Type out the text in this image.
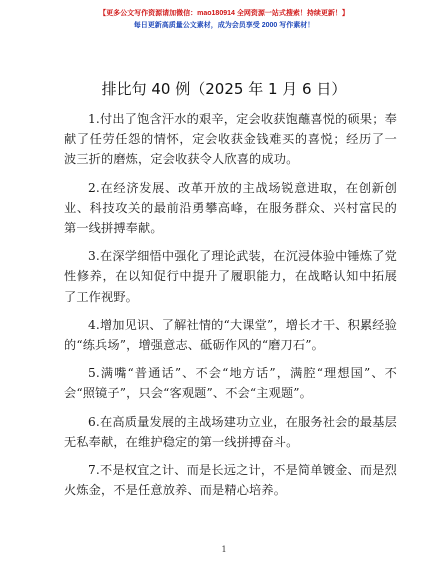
【更多公文写作资源请加微信：mao180914 全网资源一站式搜索！持续更新！】
每日更新高质量公文素材，成为会员享受 2000 写作素材！
排比句 40 例（2025 年 1 月 6 日）

1.付出了饱含汗水的艰辛，定会收获饱蘸喜悦的硕果；奉献了任劳任怨的情怀，定会收获金钱难买的喜悦；经历了一波三折的磨炼，定会收获令人欣喜的成功。

2.在经济发展、改革开放的主战场锐意进取，在创新创业、科技攻关的最前沿勇攀高峰，在服务群众、兴村富民的第一线拼搏奉献。

3.在深学细悟中强化了理论武装，在沉浸体验中锤炼了党性修养，在以知促行中提升了履职能力，在战略认知中拓展了工作视野。

4.增加见识、了解社情的“大课堂”，增长才干、积累经验的“练兵场”，增强意志、砥砺作风的“磨刀石”。

5.满嘴“普通话”、不会“地方话”，满腔“理想国”、不会“照镜子”，只会“客观题”、不会“主观题”。

6.在高质量发展的主战场建功立业，在服务社会的最基层无私奉献，在维护稳定的第一线拼搏奋斗。

7.不是权宜之计、而是长远之计，不是简单镀金、而是烈火炼金，不是任意放养、而是精心培养。

1
